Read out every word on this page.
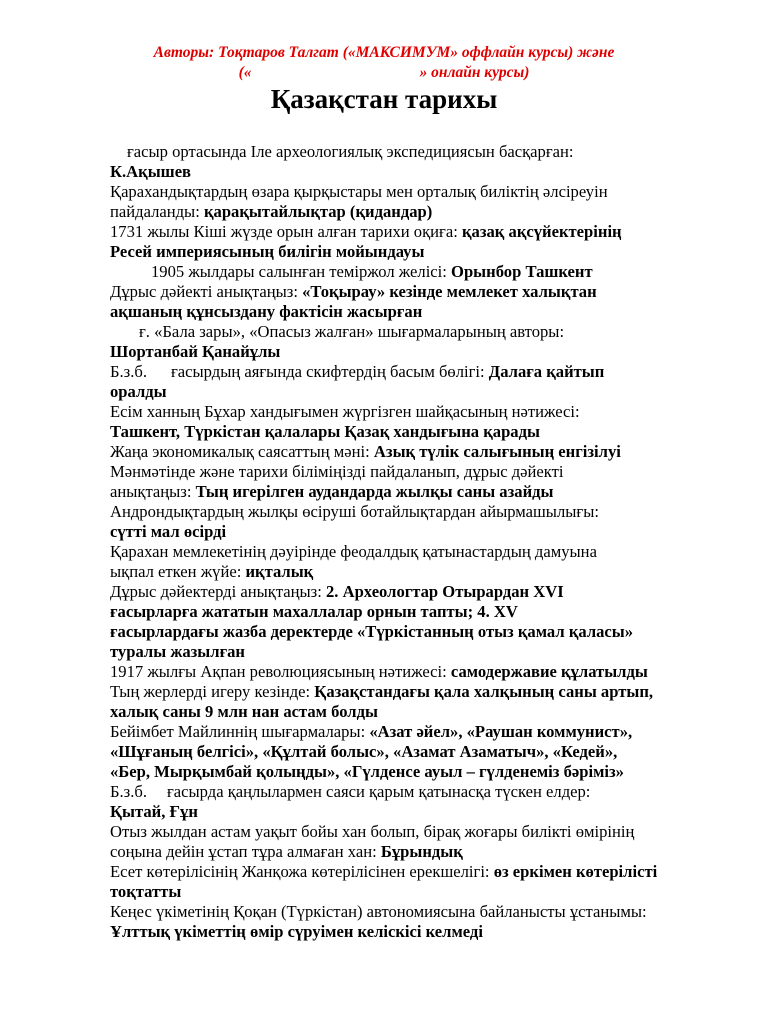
Авторы: Тоқтаров Талгат («МАКСИМУМ» оффлайн курсы) және
(«	» онлайн курсы)
Қазақстан тарихы
ғасыр ортасында Іле археологиялық экспедициясын басқарған:
К.Ақышев
Қарахандықтардың өзара қырқыстары мен орталық биліктің әлсіреуін
пайдаланды: қарақытайлықтар (қидандар)
1731 жылы Кіші жүзде орын алған тарихи оқиға: қазақ ақсүйектерінің
Ресей империясының билігін мойындауы
1905 жылдары салынған теміржол желісі: Орынбор Ташкент
Дұрыс дәйекті анықтаңыз: «Тоқырау» кезінде мемлекет халықтан
ақшаның құнсыздану фактісін жасырған
ғ. «Бала зары», «Опасыз жалған» шығармаларының авторы:
Шортанбай Қанайұлы
Б.з.б. ғасырдың аяғында скифтердің басым бөлігі: Далаға қайтып
оралды
Есім ханның Бұхар хандығымен жүргізген шайқасының нәтижесі:
Ташкент, Түркістан қалалары Қазақ хандығына қарады
Жаңа экономикалық саясаттың мәні: Азық түлік салығының енгізілуі
Мәнмәтінде және тарихи біліміңізді пайдаланып, дұрыс дәйекті
анықтаңыз: Тың игерілген аудандарда жылқы саны азайды
Андрондықтардың жылқы өсіруші ботайлықтардан айырмашылығы:
сүтті мал өсірді
Қарахан мемлекетінің дәуірінде феодалдық қатынастардың дамуына
ықпал еткен жүйе: иқталық
Дұрыс дәйектерді анықтаңыз: 2. Археологтар Отырардан XVI
ғасырларға жататын махаллалар орнын тапты; 4. XV
ғасырлардағы жазба деректерде «Түркістанның отыз қамал қаласы»
туралы жазылған
1917 жылғы Ақпан революциясының нәтижесі: самодержавие құлатылды
Тың жерлерді игеру кезінде: Қазақстандағы қала халқының саны артып,
халық саны 9 млн нан астам болды
Бейімбет Майлиннің шығармалары: «Азат әйел», «Раушан коммунист»,
«Шұғаның белгісі», «Құлтай болыс», «Азамат Азаматыч», «Кедей»,
«Бер, Мырқымбай қолыңды», «Гүлденсе ауыл – гүлденеміз бәріміз»
Б.з.б. ғасырда қаңлылармен саяси қарым қатынасқа түскен елдер:
Қытай, Ғұн
Отыз жылдан астам уақыт бойы хан болып, бірақ жоғары билікті өмірінің
соңына дейін ұстап тұра алмаған хан: Бұрындық
Есет көтерілісінің Жанқожа көтерілісінен ерекшелігі: өз еркімен көтерілісті
тоқтатты
Кеңес үкіметінің Қоқан (Түркістан) автономиясына байланысты ұстанымы:
Ұлттық үкіметтің өмір сүруімен келіскісі келмеді
